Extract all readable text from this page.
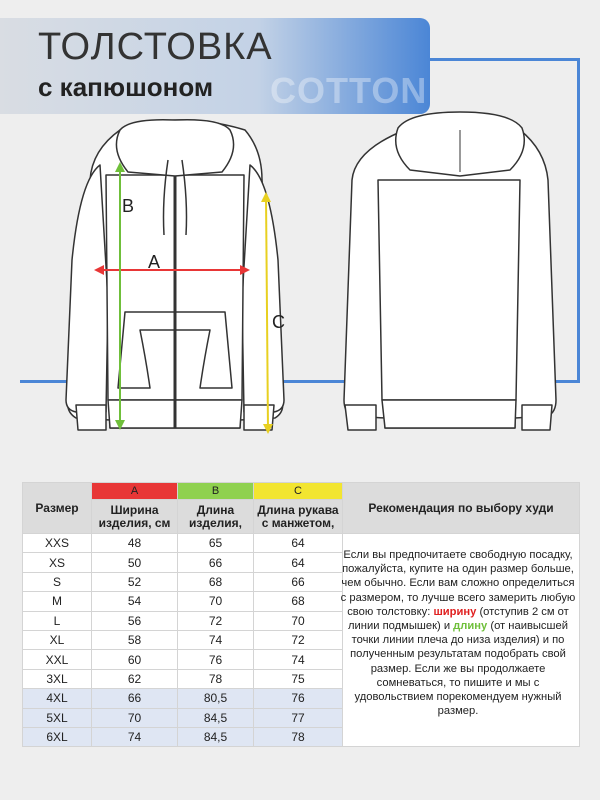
ТОЛСТОВКА
с капюшоном COTTON
A
B
C
Размер	A	B	C	Рекомендация по выбору худи
	Ширина изделия, см	Длина изделия,	Длина рукава с манжетом,	
XXS	48	65	64	
XS	50	66	64	
S	52	68	66	
M	54	70	68	
L	56	72	70	
XL	58	74	72	
XXL	60	76	74	
3XL	62	78	75	
4XL	66	80,5	76	
5XL	70	84,5	77	
6XL	74	84,5	78	
Если вы предпочитаете свободную посадку, пожалуйста, купите на один размер больше, чем обычно. Если вам сложно определиться с размером, то лучше всего замерить любую свою толстовку: ширину (отступив 2 см от линии подмышек) и длину (от наивысшей точки линии плеча до низа изделия) и по полученным результатам подобрать свой размер. Если же вы продолжаете сомневаться, то пишите и мы с удовольствием порекомендуем нужный размер.
